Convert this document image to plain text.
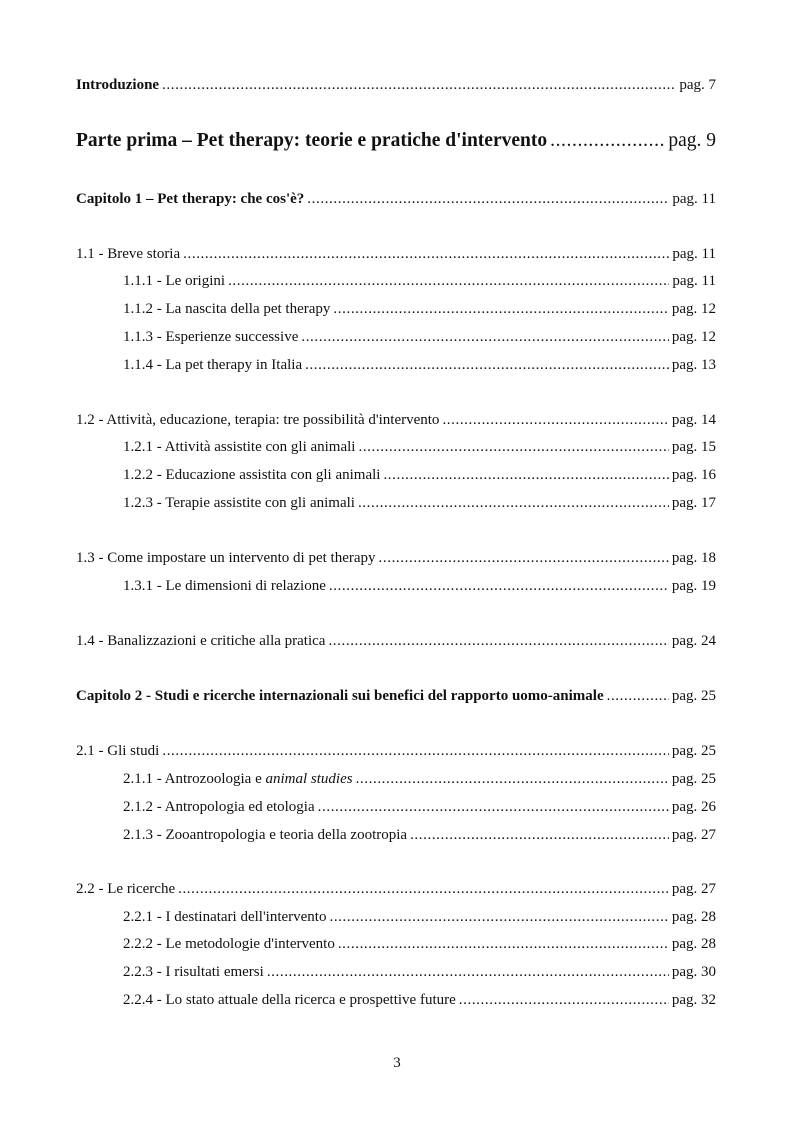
Introduzione .....	pag. 7
Parte prima – Pet therapy: teorie e pratiche d'intervento .....	pag. 9
Capitolo 1 – Pet therapy: che cos'è? .....	pag. 11
1.1 - Breve storia .....	pag. 11
1.1.1 - Le origini .....	pag. 11
1.1.2 - La nascita della pet therapy .....	pag. 12
1.1.3 - Esperienze successive .....	pag. 12
1.1.4 - La pet therapy in Italia .....	pag. 13
1.2 - Attività, educazione, terapia: tre possibilità d'intervento .....	pag. 14
1.2.1 - Attività assistite con gli animali .....	pag. 15
1.2.2 - Educazione assistita con gli animali .....	pag. 16
1.2.3 - Terapie assistite con gli animali .....	pag. 17
1.3 - Come impostare un intervento di pet therapy .....	pag. 18
1.3.1 - Le dimensioni di relazione .....	pag. 19
1.4 - Banalizzazioni e critiche alla pratica .....	pag. 24
Capitolo 2 - Studi e ricerche internazionali sui benefici del rapporto uomo-animale .....	pag. 25
2.1 - Gli studi .....	pag. 25
2.1.1 - Antrozoologia e animal studies .....	pag. 25
2.1.2 - Antropologia ed etologia .....	pag. 26
2.1.3 - Zooantropologia e teoria della zootropia .....	pag. 27
2.2 - Le ricerche .....	pag. 27
2.2.1 - I destinatari dell'intervento .....	pag. 28
2.2.2 - Le metodologie d'intervento .....	pag. 28
2.2.3 - I risultati emersi .....	pag. 30
2.2.4 - Lo stato attuale della ricerca e prospettive future .....	pag. 32
3
